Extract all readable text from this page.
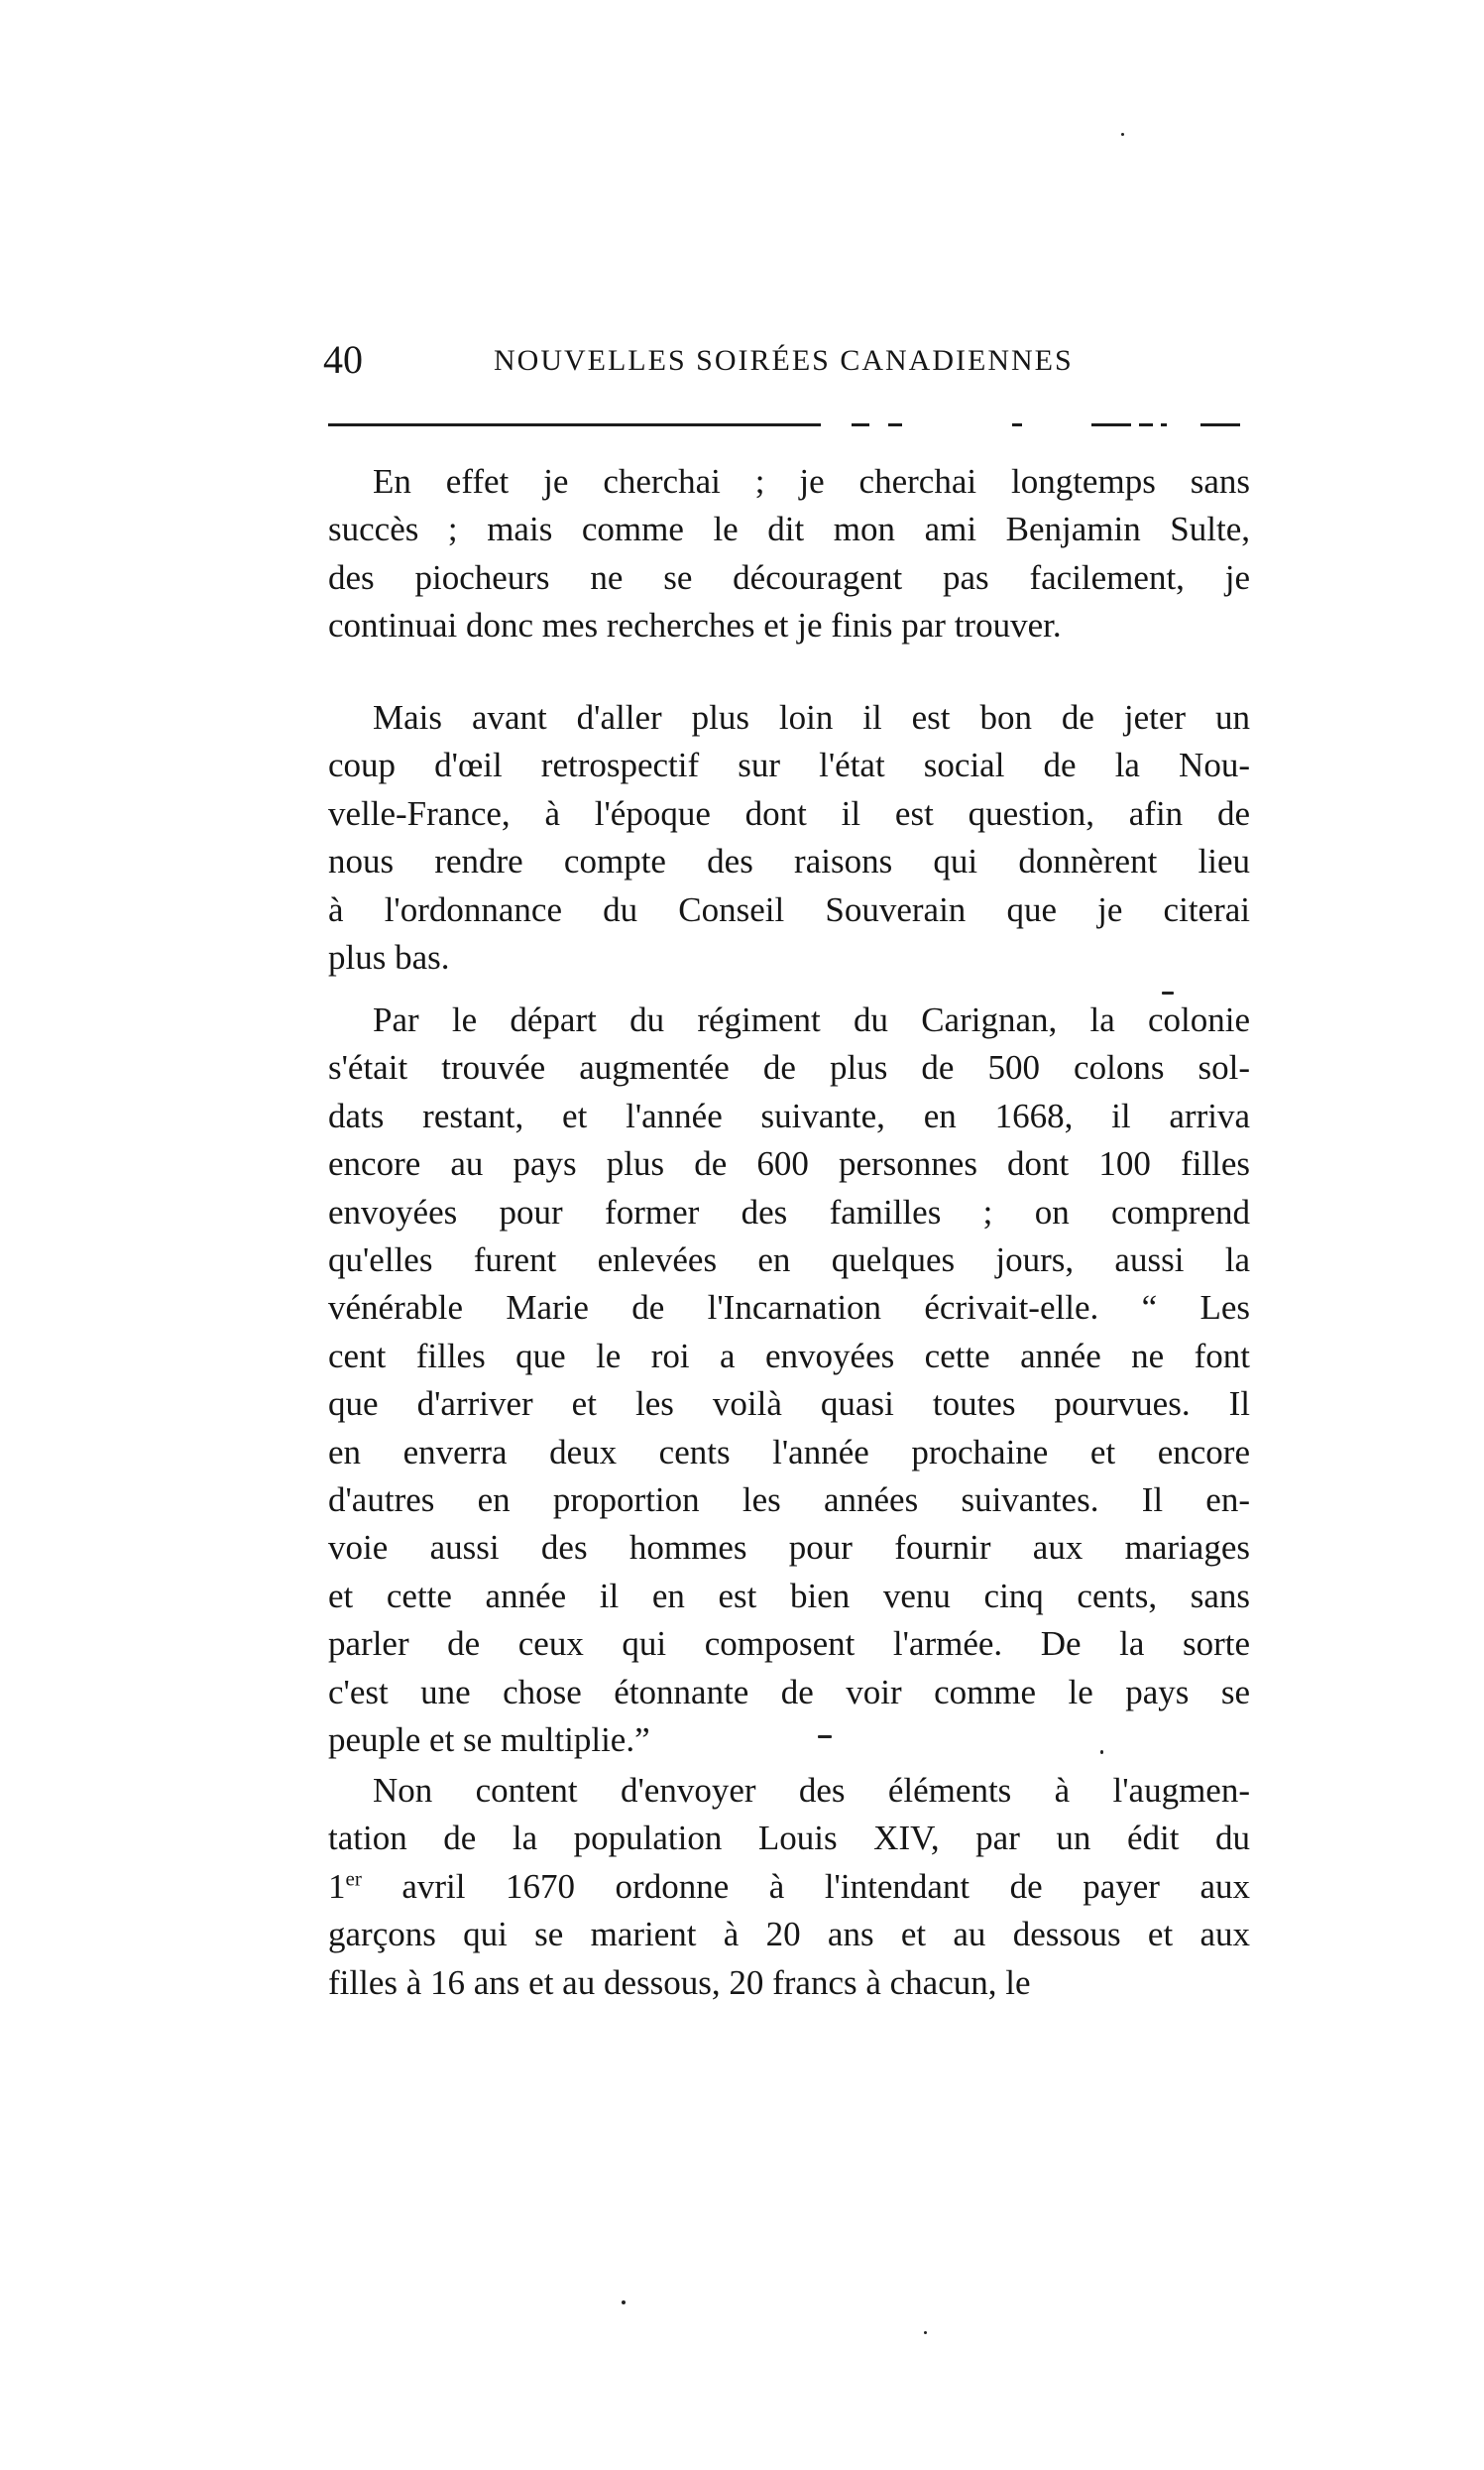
40	NOUVELLES SOIRÉES CANADIENNES

En effet je cherchai ; je cherchai longtemps sans
succès ; mais comme le dit mon ami Benjamin Sulte,
des piocheurs ne se découragent pas facilement, je
continuai donc mes recherches et je finis par trouver.

Mais avant d'aller plus loin il est bon de jeter un
coup d'œil retrospectif sur l'état social de la Nou-
velle-France, à l'époque dont il est question, afin de
nous rendre compte des raisons qui donnèrent lieu
à l'ordonnance du Conseil Souverain que je citerai
plus bas.

Par le départ du régiment du Carignan, la colonie
s'était trouvée augmentée de plus de 500 colons sol-
dats restant, et l'année suivante, en 1668, il arriva
encore au pays plus de 600 personnes dont 100 filles
envoyées pour former des familles ; on comprend
qu'elles furent enlevées en quelques jours, aussi la
vénérable Marie de l'Incarnation écrivait-elle. “ Les
cent filles que le roi a envoyées cette année ne font
que d'arriver et les voilà quasi toutes pourvues. Il
en enverra deux cents l'année prochaine et encore
d'autres en proportion les années suivantes. Il en-
voie aussi des hommes pour fournir aux mariages
et cette année il en est bien venu cinq cents, sans
parler de ceux qui composent l'armée. De la sorte
c'est une chose étonnante de voir comme le pays se
peuple et se multiplie.”

Non content d'envoyer des éléments à l'augmen-
tation de la population Louis XIV, par un édit du
1er avril 1670 ordonne à l'intendant de payer aux
garçons qui se marient à 20 ans et au dessous et aux
filles à 16 ans et au dessous, 20 francs à chacun, le
